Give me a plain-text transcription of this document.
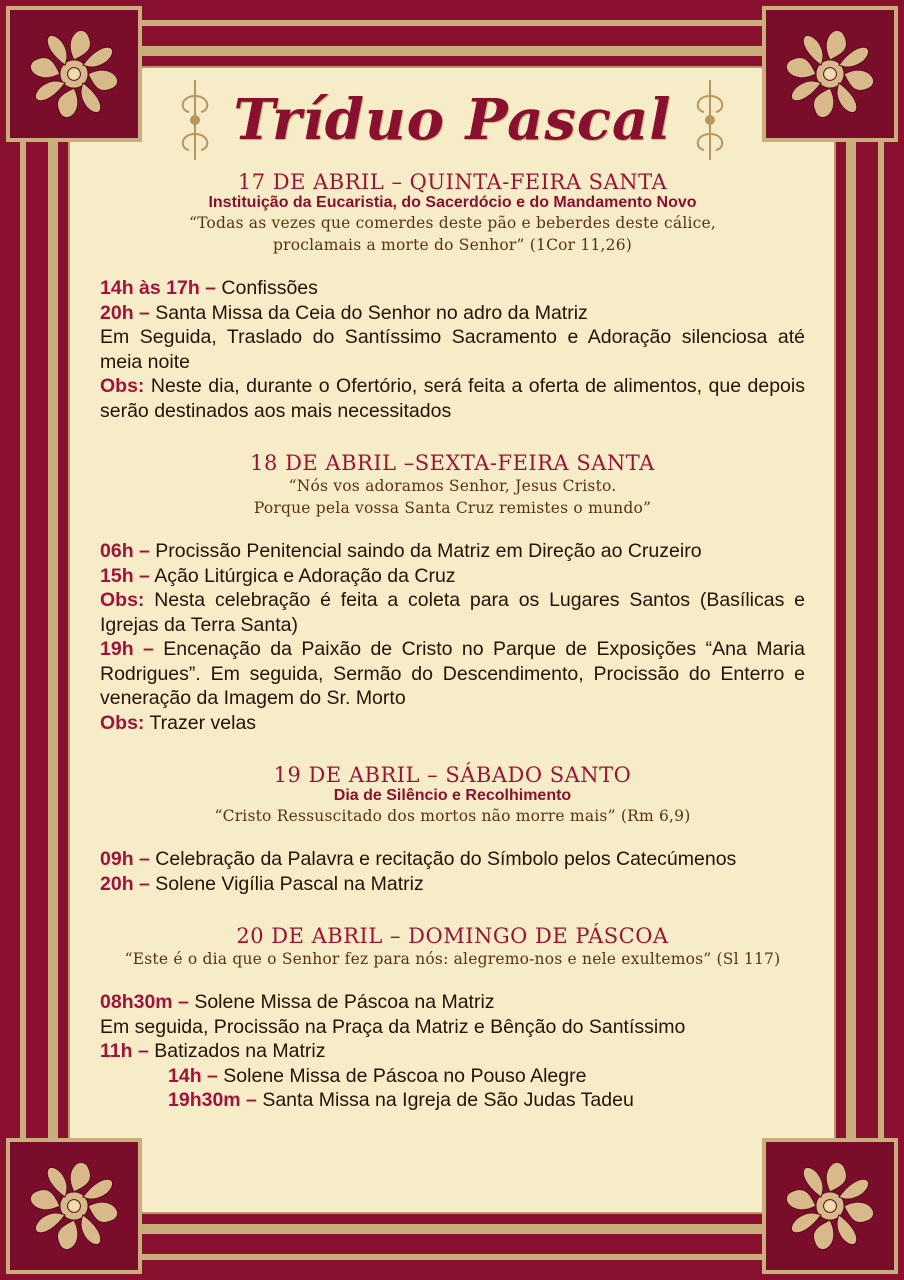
Tríduo Pascal
17 DE ABRIL – QUINTA-FEIRA SANTA
Instituição da Eucaristia, do Sacerdócio e do Mandamento Novo
“Todas as vezes que comerdes deste pão e beberdes deste cálice,
proclamais a morte do Senhor” (1Cor 11,26)
14h às 17h – Confissões
20h – Santa Missa da Ceia do Senhor no adro da Matriz
Em Seguida, Traslado do Santíssimo Sacramento e Adoração silenciosa até meia noite
Obs: Neste dia, durante o Ofertório, será feita a oferta de alimentos, que depois serão destinados aos mais necessitados
18 DE ABRIL –SEXTA-FEIRA SANTA
“Nós vos adoramos Senhor, Jesus Cristo.
Porque pela vossa Santa Cruz remistes o mundo”
06h – Procissão Penitencial saindo da Matriz em Direção ao Cruzeiro
15h – Ação Litúrgica e Adoração da Cruz
Obs: Nesta celebração é feita a coleta para os Lugares Santos (Basílicas e Igrejas da Terra Santa)
19h – Encenação da Paixão de Cristo no Parque de Exposições “Ana Maria Rodrigues”. Em seguida, Sermão do Descendimento, Procissão do Enterro e veneração da Imagem do Sr. Morto
Obs: Trazer velas
19 DE ABRIL – SÁBADO SANTO
Dia de Silêncio e Recolhimento
“Cristo Ressuscitado dos mortos não morre mais” (Rm 6,9)
09h – Celebração da Palavra e recitação do Símbolo pelos Catecúmenos
20h – Solene Vigília Pascal na Matriz
20 DE ABRIL – DOMINGO DE PÁSCOA
“Este é o dia que o Senhor fez para nós: alegremo-nos e nele exultemos” (Sl 117)
08h30m – Solene Missa de Páscoa na Matriz
Em seguida, Procissão na Praça da Matriz e Bênção do Santíssimo
11h – Batizados na Matriz
14h – Solene Missa de Páscoa no Pouso Alegre
19h30m – Santa Missa na Igreja de São Judas Tadeu
